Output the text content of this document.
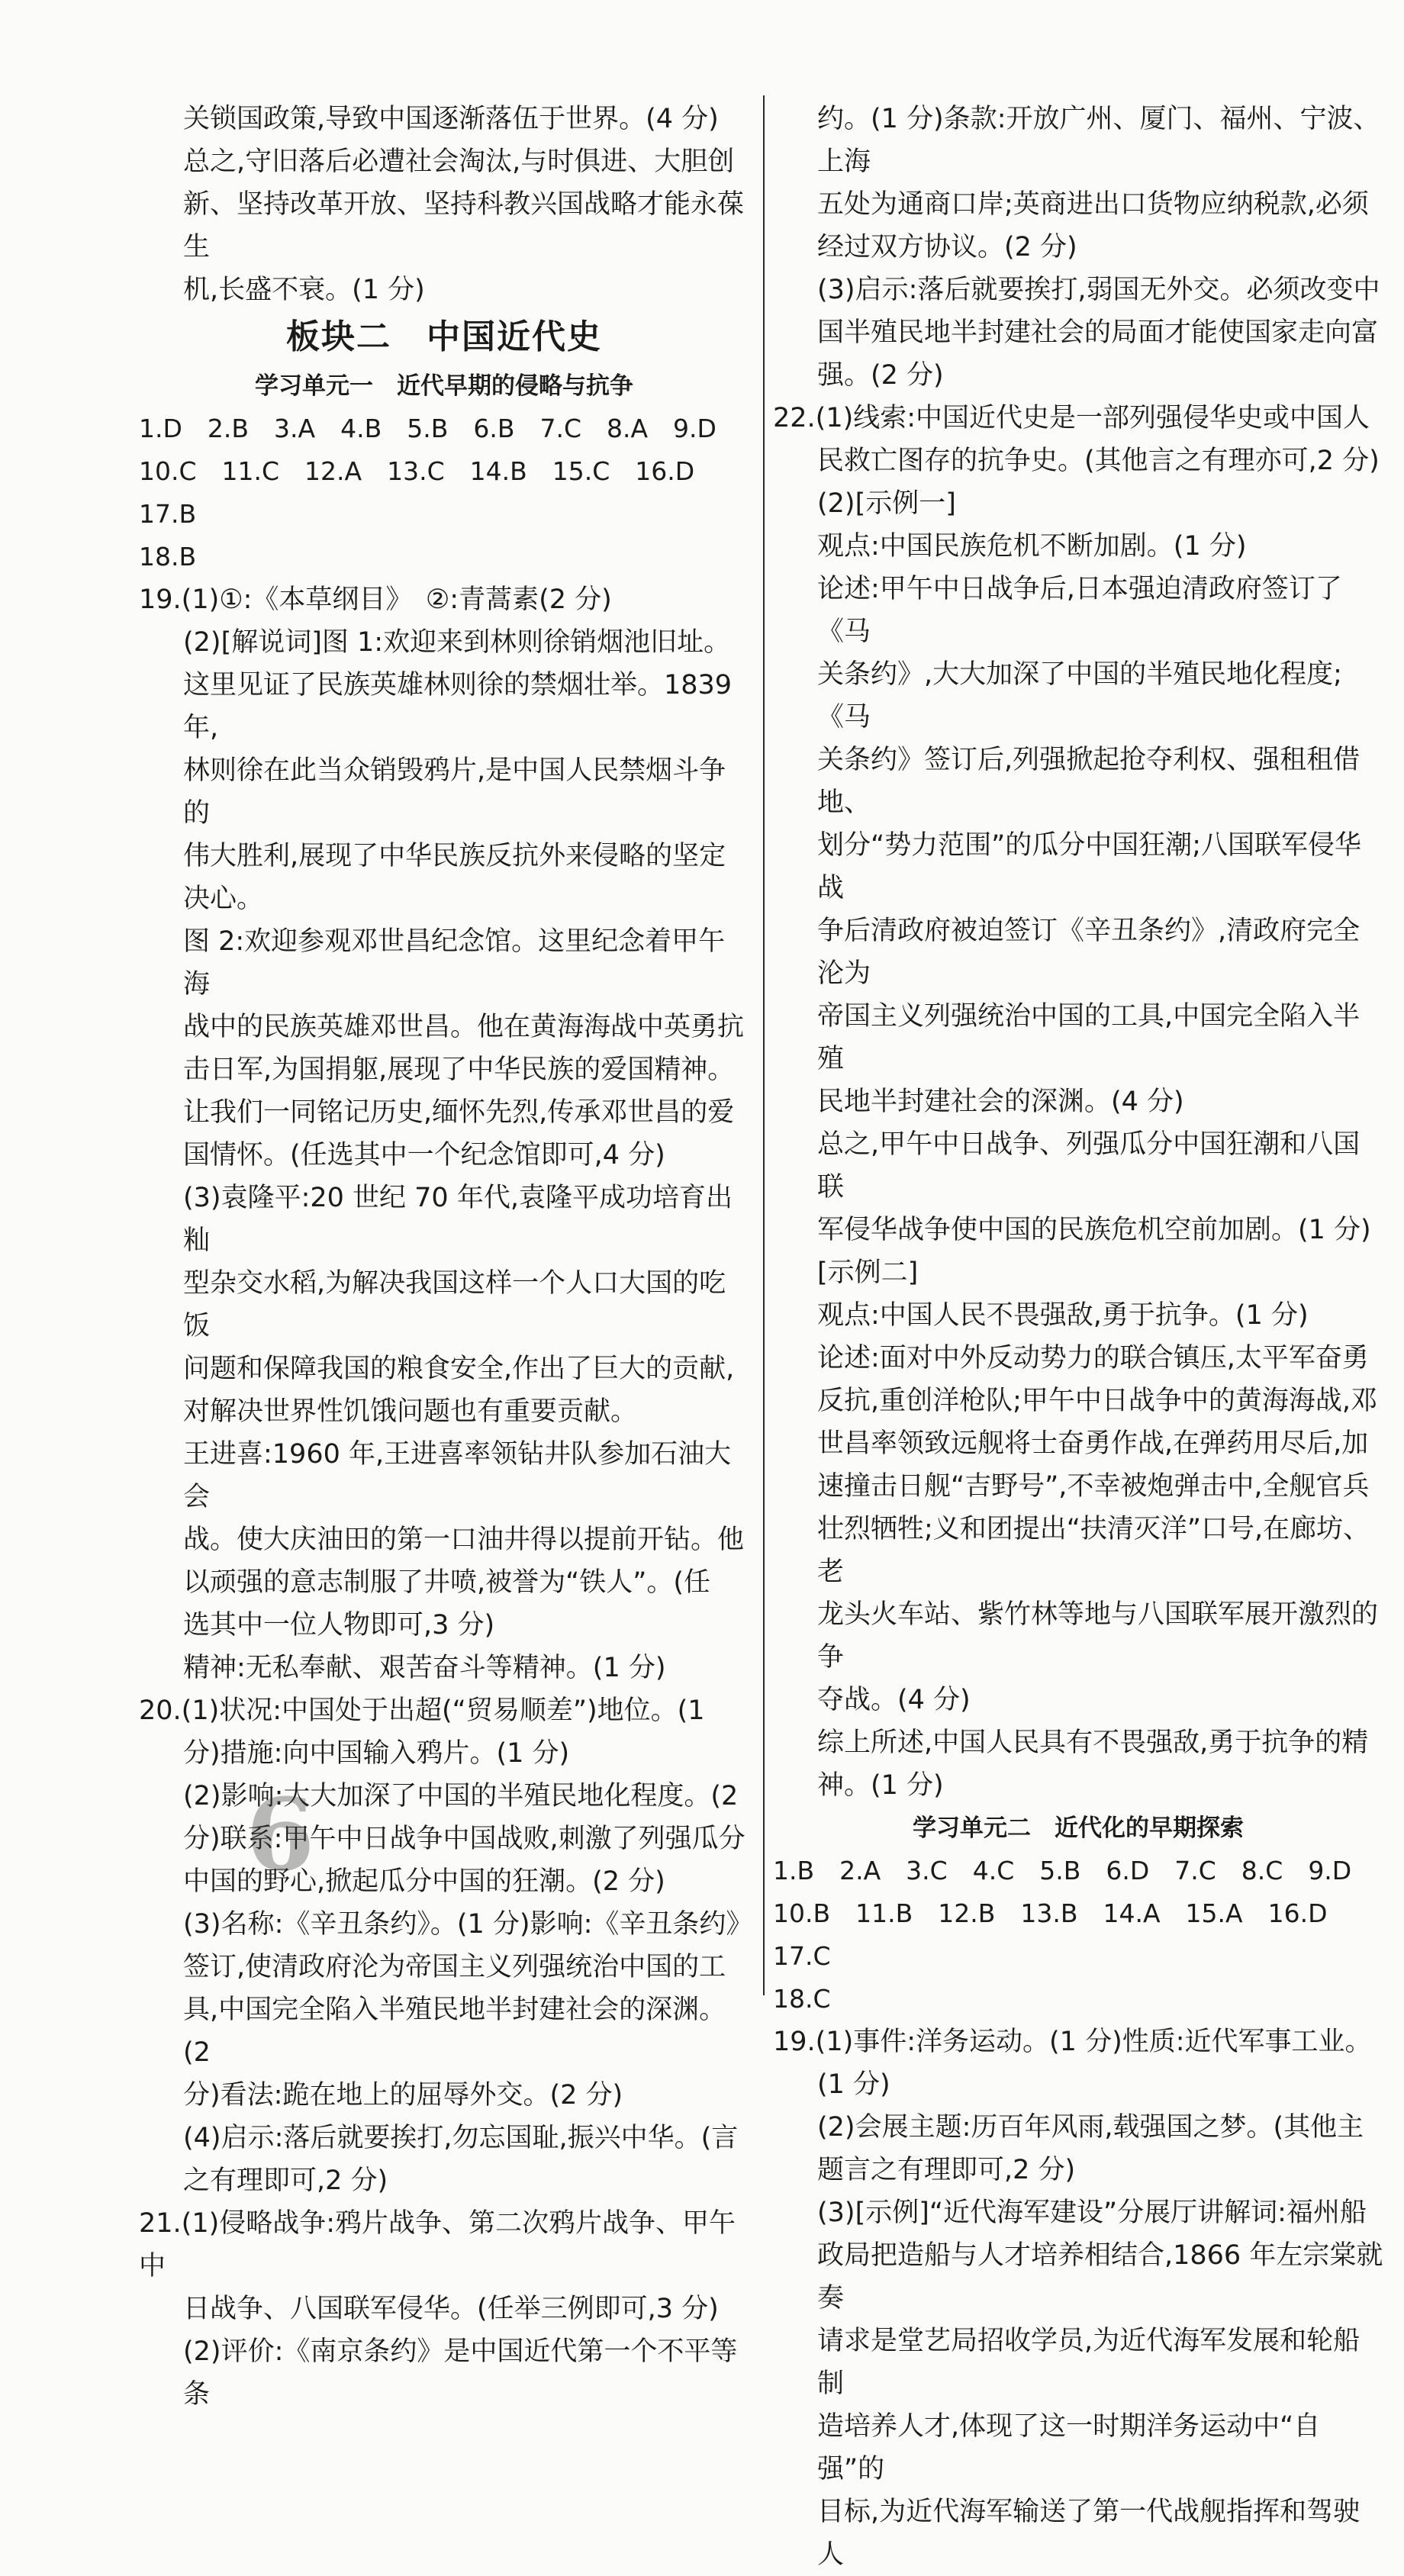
关锁国政策,导致中国逐渐落伍于世界。(4 分)

总之,守旧落后必遭社会淘汰,与时俱进、大胆创

新、坚持改革开放、坚持科教兴国战略才能永葆生

机,长盛不衰。(1 分)

板块二　中国近代史
学习单元一　近代早期的侵略与抗争

1.D　2.B　3.A　4.B　5.B　6.B　7.C　8.A　9.D

10.C　11.C　12.A　13.C　14.B　15.C　16.D　17.B

18.B

19.(1)①:《本草纲目》　②:青蒿素(2 分)

(2)[解说词]图 1:欢迎来到林则徐销烟池旧址。

这里见证了民族英雄林则徐的禁烟壮举。1839 年,

林则徐在此当众销毁鸦片,是中国人民禁烟斗争的

伟大胜利,展现了中华民族反抗外来侵略的坚定

决心。

图 2:欢迎参观邓世昌纪念馆。这里纪念着甲午海

战中的民族英雄邓世昌。他在黄海海战中英勇抗

击日军,为国捐躯,展现了中华民族的爱国精神。

让我们一同铭记历史,缅怀先烈,传承邓世昌的爱

国情怀。(任选其中一个纪念馆即可,4 分)

(3)袁隆平:20 世纪 70 年代,袁隆平成功培育出籼

型杂交水稻,为解决我国这样一个人口大国的吃饭

问题和保障我国的粮食安全,作出了巨大的贡献,

对解决世界性饥饿问题也有重要贡献。

王进喜:1960 年,王进喜率领钻井队参加石油大会

战。使大庆油田的第一口油井得以提前开钻。他

以顽强的意志制服了井喷,被誉为“铁人”。(任

选其中一位人物即可,3 分)

精神:无私奉献、艰苦奋斗等精神。(1 分)

20.(1)状况:中国处于出超(“贸易顺差”)地位。(1

分)措施:向中国输入鸦片。(1 分)

(2)影响:大大加深了中国的半殖民地化程度。(2

分)联系:甲午中日战争中国战败,刺激了列强瓜分

中国的野心,掀起瓜分中国的狂潮。(2 分)

(3)名称:《辛丑条约》。(1 分)影响:《辛丑条约》

签订,使清政府沦为帝国主义列强统治中国的工

具,中国完全陷入半殖民地半封建社会的深渊。(2

分)看法:跪在地上的屈辱外交。(2 分)

(4)启示:落后就要挨打,勿忘国耻,振兴中华。(言

之有理即可,2 分)

21.(1)侵略战争:鸦片战争、第二次鸦片战争、甲午中

日战争、八国联军侵华。(任举三例即可,3 分)

(2)评价:《南京条约》是中国近代第一个不平等条

约。(1 分)条款:开放广州、厦门、福州、宁波、上海

五处为通商口岸;英商进出口货物应纳税款,必须

经过双方协议。(2 分)

(3)启示:落后就要挨打,弱国无外交。必须改变中

国半殖民地半封建社会的局面才能使国家走向富

强。(2 分)

22.(1)线索:中国近代史是一部列强侵华史或中国人

民救亡图存的抗争史。(其他言之有理亦可,2 分)

(2)[示例一]

观点:中国民族危机不断加剧。(1 分)

论述:甲午中日战争后,日本强迫清政府签订了《马

关条约》,大大加深了中国的半殖民地化程度;《马

关条约》签订后,列强掀起抢夺利权、强租租借地、

划分“势力范围”的瓜分中国狂潮;八国联军侵华战

争后清政府被迫签订《辛丑条约》,清政府完全沦为

帝国主义列强统治中国的工具,中国完全陷入半殖

民地半封建社会的深渊。(4 分)

总之,甲午中日战争、列强瓜分中国狂潮和八国联

军侵华战争使中国的民族危机空前加剧。(1 分)

[示例二]

观点:中国人民不畏强敌,勇于抗争。(1 分)

论述:面对中外反动势力的联合镇压,太平军奋勇

反抗,重创洋枪队;甲午中日战争中的黄海海战,邓

世昌率领致远舰将士奋勇作战,在弹药用尽后,加

速撞击日舰“吉野号”,不幸被炮弹击中,全舰官兵

壮烈牺牲;义和团提出“扶清灭洋”口号,在廊坊、老

龙头火车站、紫竹林等地与八国联军展开激烈的争

夺战。(4 分)

综上所述,中国人民具有不畏强敌,勇于抗争的精

神。(1 分)

学习单元二　近代化的早期探索

1.B　2.A　3.C　4.C　5.B　6.D　7.C　8.C　9.D

10.B　11.B　12.B　13.B　14.A　15.A　16.D　17.C

18.C

19.(1)事件:洋务运动。(1 分)性质:近代军事工业。

(1 分)

(2)会展主题:历百年风雨,载强国之梦。(其他主

题言之有理即可,2 分)

(3)[示例]“近代海军建设”分展厅讲解词:福州船

政局把造船与人才培养相结合,1866 年左宗棠就奏

请求是堂艺局招收学员,为近代海军发展和轮船制

造培养人才,体现了这一时期洋务运动中“自强”的

目标,为近代海军输送了第一代战舰指挥和驾驶人

6
